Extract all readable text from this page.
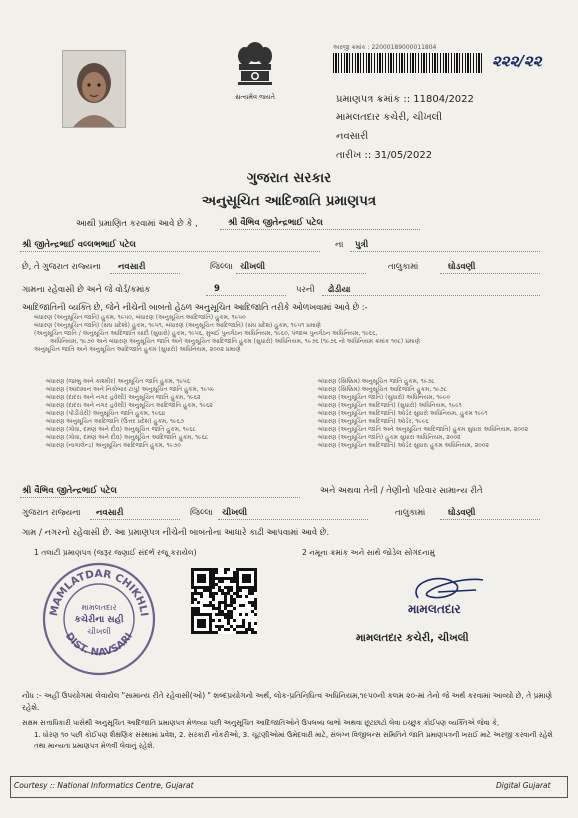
સત્યમેવ જયતે
અરજી ક્રમાંક : 22000189000011804
૨૨૨/૨૨
પ્રમાણપત્ર ક્રમાંક :: 11804/2022
મામલતદાર કચેરી, ચીખલી
નવસારી
તારીખ :: 31/05/2022
ગુજરાત સરકાર
અનુસૂચિત આદિજાતિ પ્રમાણપત્ર
આથી પ્રમાણિત કરવામાં આવે છે કે ,	શ્રી વૈભિવ જીતેન્દ્રભાઈ પટેલ
શ્રી જીતેન્દ્રભાઈ વલ્લભભાઈ પટેલ	ના પુત્રી
છે, તે ગુજરાત રાજ્યના નવસારી	જિલ્લા ચીખલી	તાલુકામાં	ઘોડવણી
ગામના રહેવાસી છે અને જે વોર્ડ/કમાંક	9	પરની ઢોડીયા
આદિજાતિની વ્યક્તિ છે, જેને નીચેની બાબતો હેઠળ અનુસૂચિત આદિજાતિ તરીકે ઓળખવામાં આવે છે :-
બંધારણ (અનુસૂચિત જાતિ) હુકમ, ૧૯૫૦, બંધારણ (અનુસૂચિત આદિજાતિ) હુકમ, ૧૯૫૦
બંધારણ (અનુસૂચિત જાતિ) (સંઘ પ્રદેશો) હુકમ, ૧૯૫૧, બંધારણ (અનુસૂચિત આદિજાતિ) (સંઘ પ્રદેશ) હુકમ, ૧૯૫૧ પ્રમાણે
(અનુસૂચિત જાતિ / અનુસૂચિત આદિજાતિ યાદી (સુધારો) હુકમ, ૧૯૫૬, મુંબઈ પુનર્ગઠન અધિનિયમ, ૧૯૬૦, પંજાબ પુનર્ગઠન અધિનિયમ, ૧૯૬૬,
અધિનિયમ, ૧૯૭૦ અને બંધારણ અનુસૂચિત જાતિ અને અનુસૂચિત આદિજાતિ હુકમ (સુધારો) અધિનિયમ, ૧૯૭૬ (૧૯૭૬ નો અધિનિયમ ક્રમાંક ૧૦૮) પ્રમાણે
અનુસૂચિત જાતિ અને અનુસૂચિત આદિજાતિ હુકમ (સુધારો) અધિનિયમ, ૨૦૦૨ પ્રમાણે
બંધારણ (જમ્મુ અને કાશ્મીર) અનુસૂચિત જાતિ હુકમ, ૧૯૫૬
બંધારણ (આંદામાન અને નિકોબાર ટાપુ) અનુસૂચિત જાતિ હુકમ, ૧૯૫૯
બંધારણ (દાદરા અને નગર હવેલી) અનુસૂચિત જાતિ હુકમ, ૧૯૬૨
બંધારણ (દાદરા અને નગર હવેલી) અનુસૂચિત આદિજાતિ હુકમ, ૧૯૬૨
બંધારણ (પોંડીચેરી) અનુસૂચિત જાતિ હુકમ, ૧૯૬૪
બંધારણ અનુસૂચિત આદિજાતિ (ઉત્તર પ્રદેશ) હુકમ, ૧૯૬૭
બંધારણ (ગોવા, દમણ અને દીવ) અનુસૂચિત જાતિ હુકમ, ૧૯૬૮
બંધારણ (ગોવા, દમણ અને દીવ) અનુસૂચિત આદિજાતિ હુકમ, ૧૯૬૮
બંધારણ (નાગાલેન્ડ) અનુસૂચિત આદિજાતિ હુકમ, ૧૯૭૦
બંધારણ (સિક્કિમ) અનુસૂચિત જાતિ હુકમ, ૧૯૭૮
બંધારણ (સિક્કિમ) અનુસૂચિત આદિજાતિ હુકમ, ૧૯૭૮
બંધારણ (અનુસૂચિત જાતિ) (સુધારો) અધિનિયમ, ૧૯૯૦
બંધારણ (અનુસૂચિત આદિજાતિ) (સુધારો) અધિનિયમ, ૧૯૯૧
બંધારણ (અનુસૂચિત આદિજાતિ) ઓર્ડર સુધારો અધિનિયમ, હુકમ ૧૯૯૧
બંધારણ (અનુસૂચિત આદિજાતિ) ઓર્ડર, ૧૯૯૬
બંધારણ (અનુસૂચિત જાતિ અને અનુસૂચિત આદિજાતિ) હુકમ સુધારા અધિનિયમ, ૨૦૦૨
બંધારણ (અનુસૂચિત જાતિ) હુકમ સુધારા અધિનિયમ, ૨૦૦૨
બંધારણ (અનુસૂચિત આદિજાતિ) ઓર્ડર સુધારા હુકમ અધિનિયમ, ૨૦૦૨
શ્રી વૈભિવ જીતેન્દ્રભાઈ પટેલ	અને અથવા તેની / તેણીનો પરિવાર સામાન્ય રીતે
ગુજરાત રાજ્યના નવસારી	જિલ્લા ચીખલી	તાલુકામાં	ઘોડવણી
ગામ / નગરનો રહેવાસી છે. આ પ્રમાણપત્ર નીચેની બાબતોના આધારે કાઢી આપવામાં આવે છે.
1 તલાટી પ્રમાણપત્ર (જરૂર જણાઈ સંદર્ભ રજૂ કરાયેલ)	2 નમૂના ક્રમાંક અને સાથે જોડેલ સોગંદનામું
MAMLATDAR CHIKHLI
DIST. NAVSARI
મામલતદાર
કચેરીના સહી
ચીખલી
મામલતદાર
મામલતદાર કચેરી, ચીખલી
નોંધ :- અહીં ઉપયોગમાં લેવાયેલ "સામાન્ય રીતે રહેવાસી(ઓ) " શબ્દપ્રયોગનો અર્થ, લોક-પ્રતિનિધિત્વ અધિનિયમ,૧૯૫૦ની કલમ ૨૦-માં તેનો જે અર્થ કરવામાં આવ્યો છે, તે પ્રમાણે રહેશે.
સક્ષમ સત્તાધિકારી પાસેથી અનુસૂચિત આદિજાતિ પ્રમાણપત્ર મેળવ્યા પછી અનુસૂચિત આદિજાતિઓને ઉપલબ્ધ લાભો અથવા છૂટછાટો લેવા ઇચ્છુક કોઈપણ વ્યક્તિએ જેવા કે,
1. ધોરણ ૧૦ પછી કોઈપણ શૈક્ષણિક સંસ્થામાં પ્રવેશ, 2. સરકારી નોકરીઓ, 3. ચૂંટણીઓમાં ઉમેદવારી માટે, સંલગ્ન વિજીલન્સ સમિતિને જાતિ પ્રમાણપત્રની ખરાઈ માટે અરજી કરવાની રહેશે તથા માન્યતા પ્રમાણપત્ર મેળવી લેવાનું રહેશે.
Courtesy :: National Informatics Centre, Gujarat	Digital Gujarat
